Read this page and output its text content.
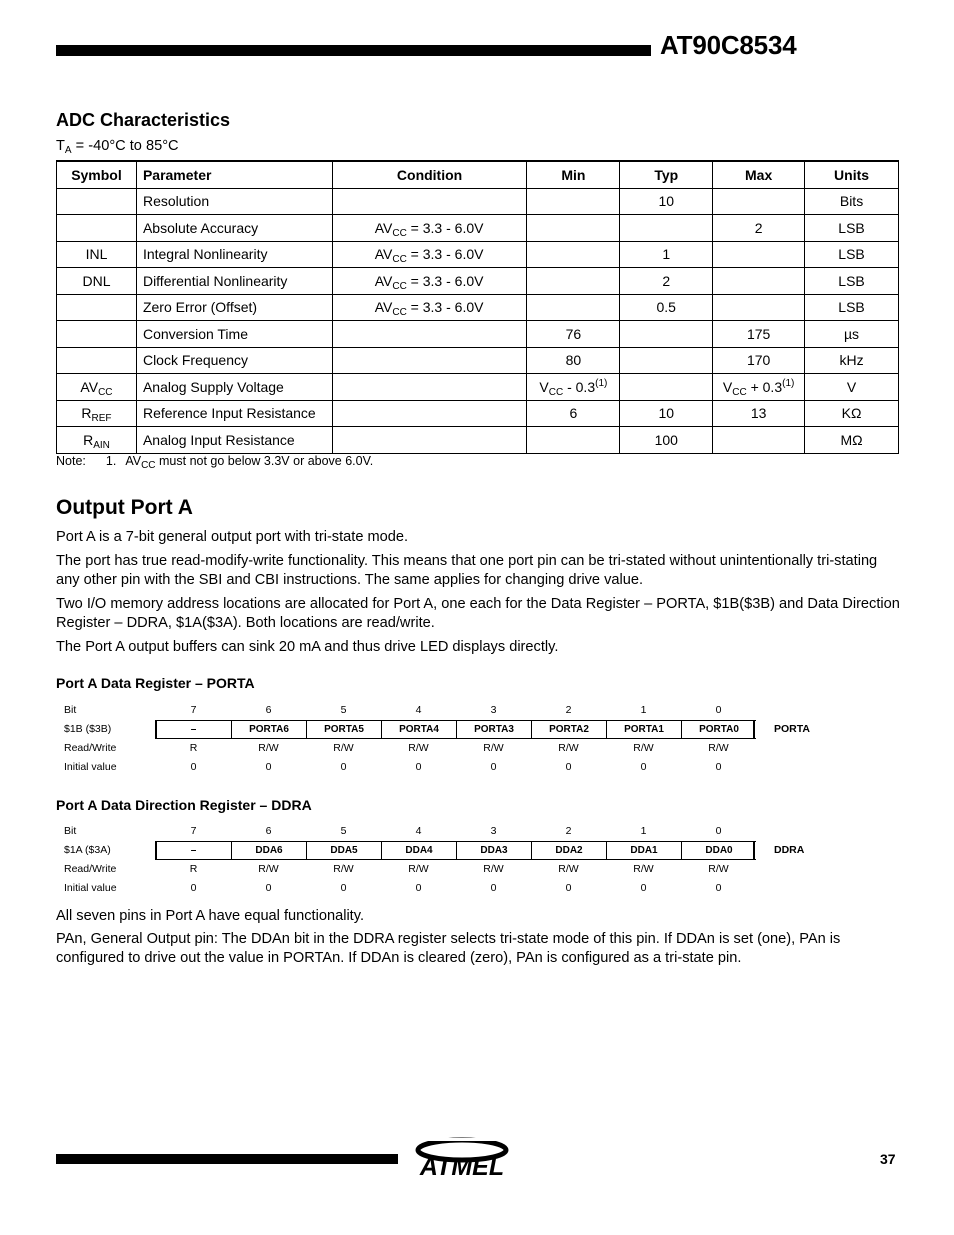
AT90C8534
ADC Characteristics
$T_A = -40^\circ C$ to 85°C
Symbol	Parameter	Condition	Min	Typ	Max	Units
	Resolution			10		Bits
	Absolute Accuracy	$AV_{CC} = 3.3 - 6.0V$			2	LSB
INL	Integral Nonlinearity	$AV_{CC} = 3.3 - 6.0V$		1		LSB
DNL	Differential Nonlinearity	$AV_{CC} = 3.3 - 6.0V$		2		LSB
	Zero Error (Offset)	$AV_{CC} = 3.3 - 6.0V$		0.5		LSB
	Conversion Time		76		175	µs
	Clock Frequency		80		170	kHz
$AV_{CC}$	Analog Supply Voltage		$V_{CC} - 0.3^{(1)}$		$V_{CC} + 0.3^{(1)}$	V
$R_{REF}$	Reference Input Resistance		6	10	13	KΩ
$R_{AIN}$	Analog Input Resistance			100		MΩ
Note: 1. $AV_{CC}$ must not go below 3.3V or above 6.0V.
Output Port A

Port A is a 7-bit general output port with tri-state mode.

The port has true read-modify-write functionality. This means that one port pin can be tri-stated without unintentionally tri-stating any other pin with the SBI and CBI instructions. The same applies for changing drive value.

Two I/O memory address locations are allocated for Port A, one each for the Data Register – PORTA, $1B($3B) and Data Direction Register – DDRA, $1A($3A). Both locations are read/write.

The Port A output buffers can sink 20 mA and thus drive LED displays directly.

Port A Data Register – PORTA
Bit	7	6	5	4	3	2	1	0
$1B ($3B)	–	PORTA6	PORTA5	PORTA4	PORTA3	PORTA2	PORTA1	PORTA0	PORTA
Read/Write	R	R/W	R/W	R/W	R/W	R/W	R/W	R/W
Initial value	0	0	0	0	0	0	0	0
Port A Data Direction Register – DDRA
Bit	7	6	5	4	3	2	1	0
$1A ($3A)	–	DDA6	DDA5	DDA4	DDA3	DDA2	DDA1	DDA0	DDRA
Read/Write	R	R/W	R/W	R/W	R/W	R/W	R/W	R/W
Initial value	0	0	0	0	0	0	0	0

All seven pins in Port A have equal functionality.

PAn, General Output pin: The DDAn bit in the DDRA register selects tri-state mode of this pin. If DDAn is set (one), PAn is configured to drive out the value in PORTAn. If DDAn is cleared (zero), PAn is configured as a tri-state pin.

ATMEL	37
